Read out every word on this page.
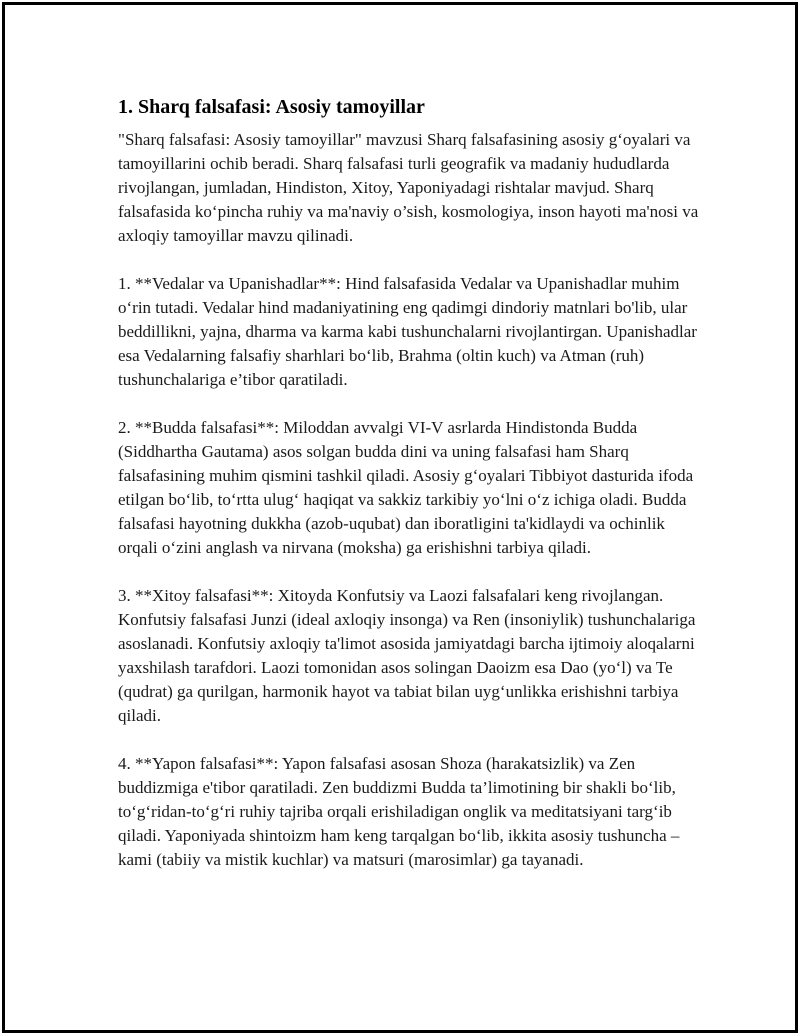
1. Sharq falsafasi: Asosiy tamoyillar

"Sharq falsafasi: Asosiy tamoyillar" mavzusi Sharq falsafasining asosiy g‘oyalari va tamoyillarini ochib beradi. Sharq falsafasi turli geografik va madaniy hududlarda rivojlangan, jumladan, Hindiston, Xitoy, Yaponiyadagi rishtalar mavjud. Sharq falsafasida ko‘pincha ruhiy va ma'naviy o’sish, kosmologiya, inson hayoti ma'nosi va axloqiy tamoyillar mavzu qilinadi.

1. **Vedalar va Upanishadlar**: Hind falsafasida Vedalar va Upanishadlar muhim o‘rin tutadi. Vedalar hind madaniyatining eng qadimgi dindoriy matnlari bo'lib, ular beddillikni, yajna, dharma va karma kabi tushunchalarni rivojlantirgan. Upanishadlar esa Vedalarning falsafiy sharhlari bo‘lib, Brahma (oltin kuch) va Atman (ruh) tushunchalariga e’tibor qaratiladi.

2. **Budda falsafasi**: Miloddan avvalgi VI-V asrlarda Hindistonda Budda (Siddhartha Gautama) asos solgan budda dini va uning falsafasi ham Sharq falsafasining muhim qismini tashkil qiladi. Asosiy g‘oyalari Tibbiyot dasturida ifoda etilgan bo‘lib, to‘rtta ulug‘ haqiqat va sakkiz tarkibiy yo‘lni o‘z ichiga oladi. Budda falsafasi hayotning dukkha (azob-uqubat) dan iboratligini ta'kidlaydi va ochinlik orqali o‘zini anglash va nirvana (moksha) ga erishishni tarbiya qiladi.

3. **Xitoy falsafasi**: Xitoyda Konfutsiy va Laozi falsafalari keng rivojlangan. Konfutsiy falsafasi Junzi (ideal axloqiy insonga) va Ren (insoniylik) tushunchalariga asoslanadi. Konfutsiy axloqiy ta'limot asosida jamiyatdagi barcha ijtimoiy aloqalarni yaxshilash tarafdori. Laozi tomonidan asos solingan Daoizm esa Dao (yo‘l) va Te (qudrat) ga qurilgan, harmonik hayot va tabiat bilan uyg‘unlikka erishishni tarbiya qiladi.

4. **Yapon falsafasi**: Yapon falsafasi asosan Shoza (harakatsizlik) va Zen buddizmiga e'tibor qaratiladi. Zen buddizmi Budda ta’limotining bir shakli bo‘lib, to‘g‘ridan-to‘g‘ri ruhiy tajriba orqali erishiladigan onglik va meditatsiyani targ‘ib qiladi. Yaponiyada shintoizm ham keng tarqalgan bo‘lib, ikkita asosiy tushuncha – kami (tabiiy va mistik kuchlar) va matsuri (marosimlar) ga tayanadi.
